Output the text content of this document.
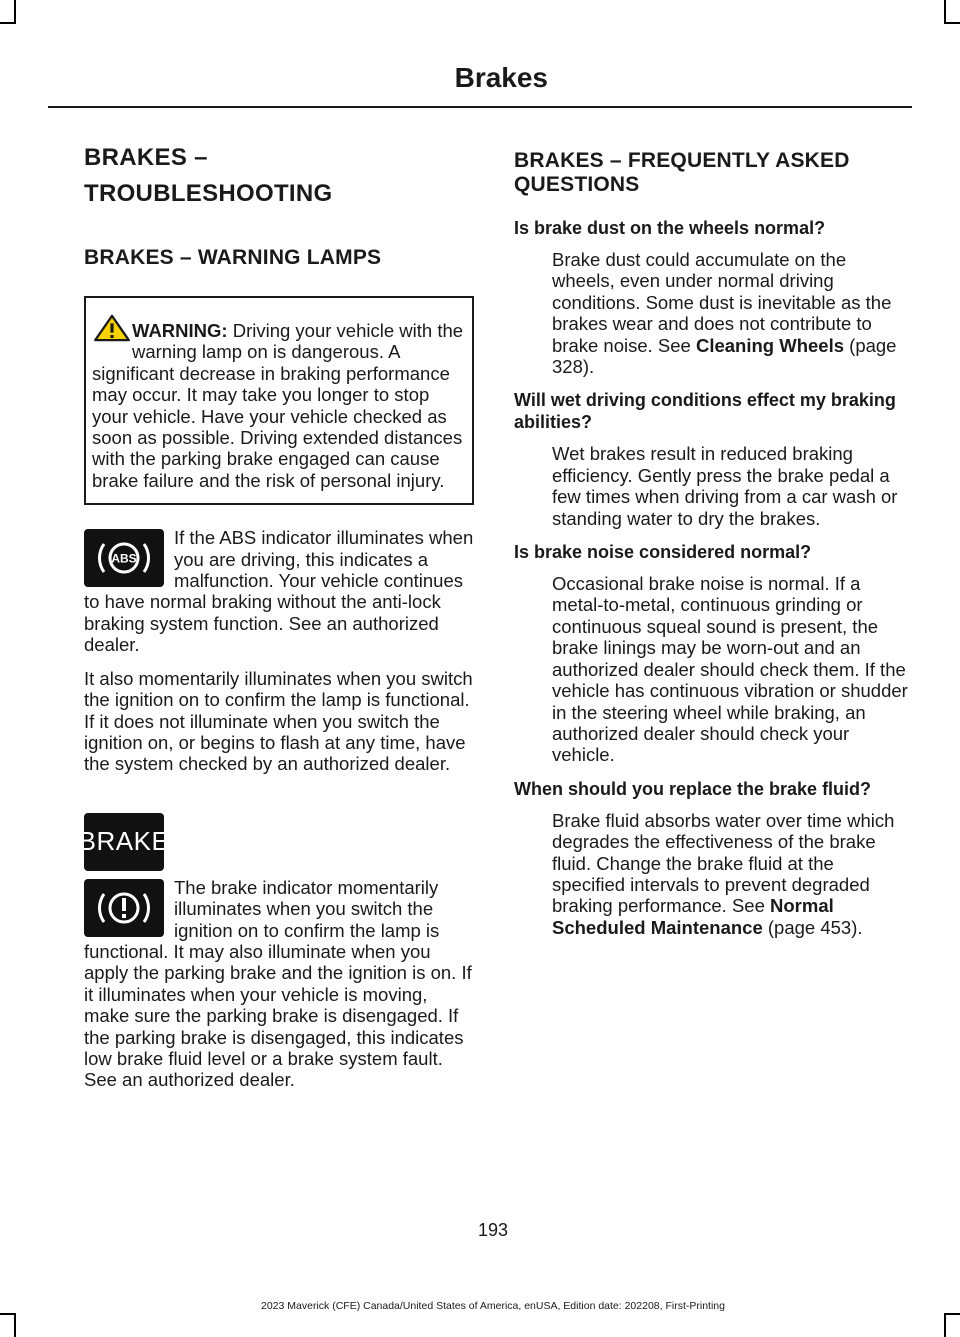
Brakes
BRAKES –
TROUBLESHOOTING
BRAKES – WARNING LAMPS

WARNING: Driving your vehicle with the warning lamp on is dangerous. A significant decrease in braking performance may occur. It may take you longer to stop your vehicle. Have your vehicle checked as soon as possible. Driving extended distances with the parking brake engaged can cause brake failure and the risk of personal injury.

ABS

If the ABS indicator illuminates when you are driving, this indicates a malfunction. Your vehicle continues to have normal braking without the anti-lock braking system function. See an authorized dealer.

It also momentarily illuminates when you switch the ignition on to confirm the lamp is functional. If it does not illuminate when you switch the ignition on, or begins to flash at any time, have the system checked by an authorized dealer.

BRAKE

The brake indicator momentarily illuminates when you switch the ignition on to confirm the lamp is functional. It may also illuminate when you apply the parking brake and the ignition is on. If it illuminates when your vehicle is moving, make sure the parking brake is disengaged. If the parking brake is disengaged, this indicates low brake fluid level or a brake system fault. See an authorized dealer.

BRAKES – FREQUENTLY ASKED QUESTIONS
Is brake dust on the wheels normal?

Brake dust could accumulate on the wheels, even under normal driving conditions. Some dust is inevitable as the brakes wear and does not contribute to brake noise. See Cleaning Wheels (page 328).

Will wet driving conditions effect my braking abilities?

Wet brakes result in reduced braking efficiency. Gently press the brake pedal a few times when driving from a car wash or standing water to dry the brakes.

Is brake noise considered normal?

Occasional brake noise is normal. If a metal-to-metal, continuous grinding or continuous squeal sound is present, the brake linings may be worn-out and an authorized dealer should check them. If the vehicle has continuous vibration or shudder in the steering wheel while braking, an authorized dealer should check your vehicle.

When should you replace the brake fluid?

Brake fluid absorbs water over time which degrades the effectiveness of the brake fluid. Change the brake fluid at the specified intervals to prevent degraded braking performance. See Normal Scheduled Maintenance (page 453).

193
2023 Maverick (CFE) Canada/United States of America, enUSA, Edition date: 202208, First-Printing
